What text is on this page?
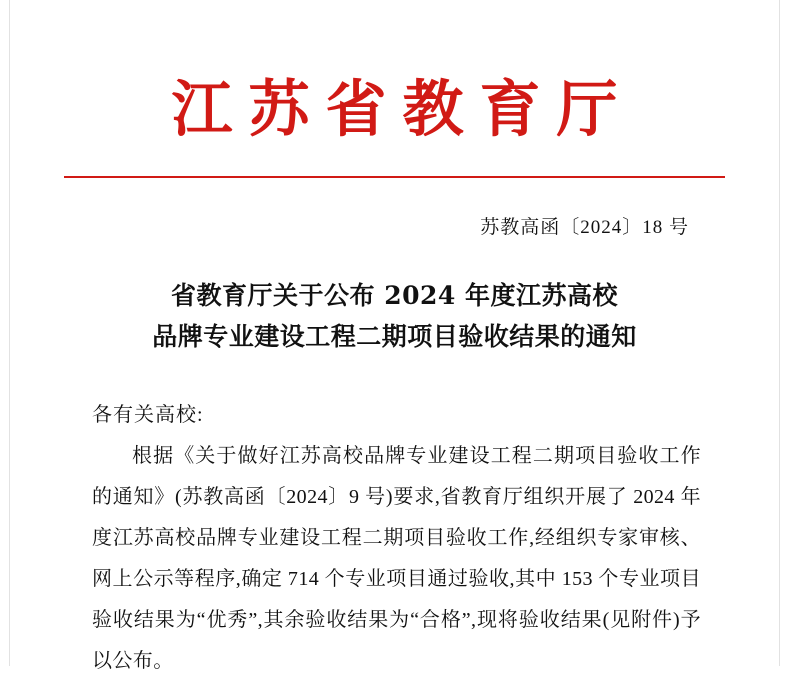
江苏省教育厅
苏教高函〔2024〕18 号
省教育厅关于公布 2024 年度江苏高校
品牌专业建设工程二期项目验收结果的通知
各有关高校:

根据《关于做好江苏高校品牌专业建设工程二期项目验收工作的通知》(苏教高函〔2024〕9 号)要求,省教育厅组织开展了 2024 年度江苏高校品牌专业建设工程二期项目验收工作,经组织专家审核、网上公示等程序,确定 714 个专业项目通过验收,其中 153 个专业项目验收结果为“优秀”,其余验收结果为“合格”,现将验收结果(见附件)予以公布。
